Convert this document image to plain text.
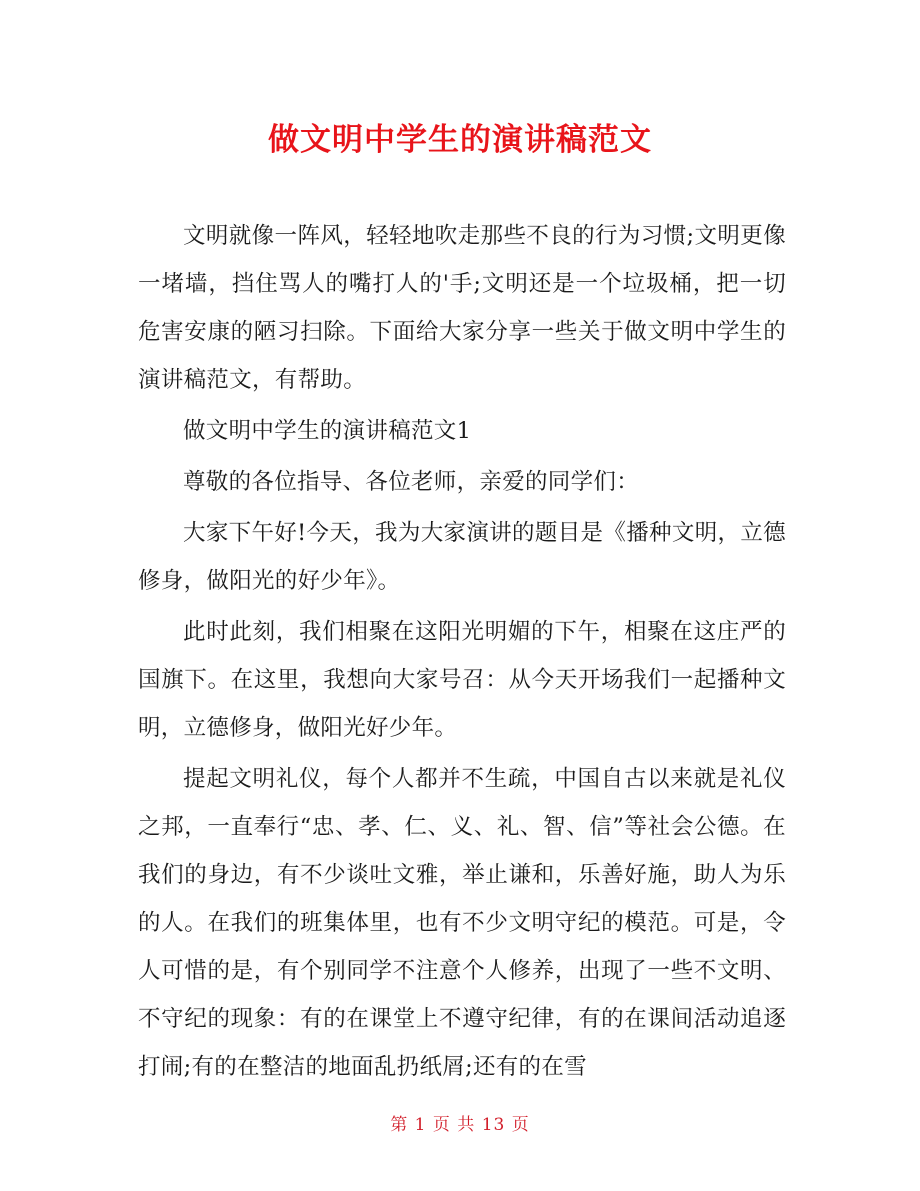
做文明中学生的演讲稿范文

文明就像一阵风，轻轻地吹走那些不良的行为习惯;文明更像一堵墙，挡住骂人的嘴打人的'手;文明还是一个垃圾桶，把一切危害安康的陋习扫除。下面给大家分享一些关于做文明中学生的演讲稿范文，有帮助。

做文明中学生的演讲稿范文1

尊敬的各位指导、各位老师，亲爱的同学们：

大家下午好!今天，我为大家演讲的题目是《播种文明，立德修身，做阳光的好少年》。

此时此刻，我们相聚在这阳光明媚的下午，相聚在这庄严的国旗下。在这里，我想向大家号召：从今天开场我们一起播种文明，立德修身，做阳光好少年。

提起文明礼仪，每个人都并不生疏，中国自古以来就是礼仪之邦，一直奉行“忠、孝、仁、义、礼、智、信”等社会公德。在我们的身边，有不少谈吐文雅，举止谦和，乐善好施，助人为乐的人。在我们的班集体里，也有不少文明守纪的模范。可是，令人可惜的是，有个别同学不注意个人修养，出现了一些不文明、不守纪的现象：有的在课堂上不遵守纪律，有的在课间活动追逐打闹;有的在整洁的地面乱扔纸屑;还有的在雪

第 1 页 共 13 页
